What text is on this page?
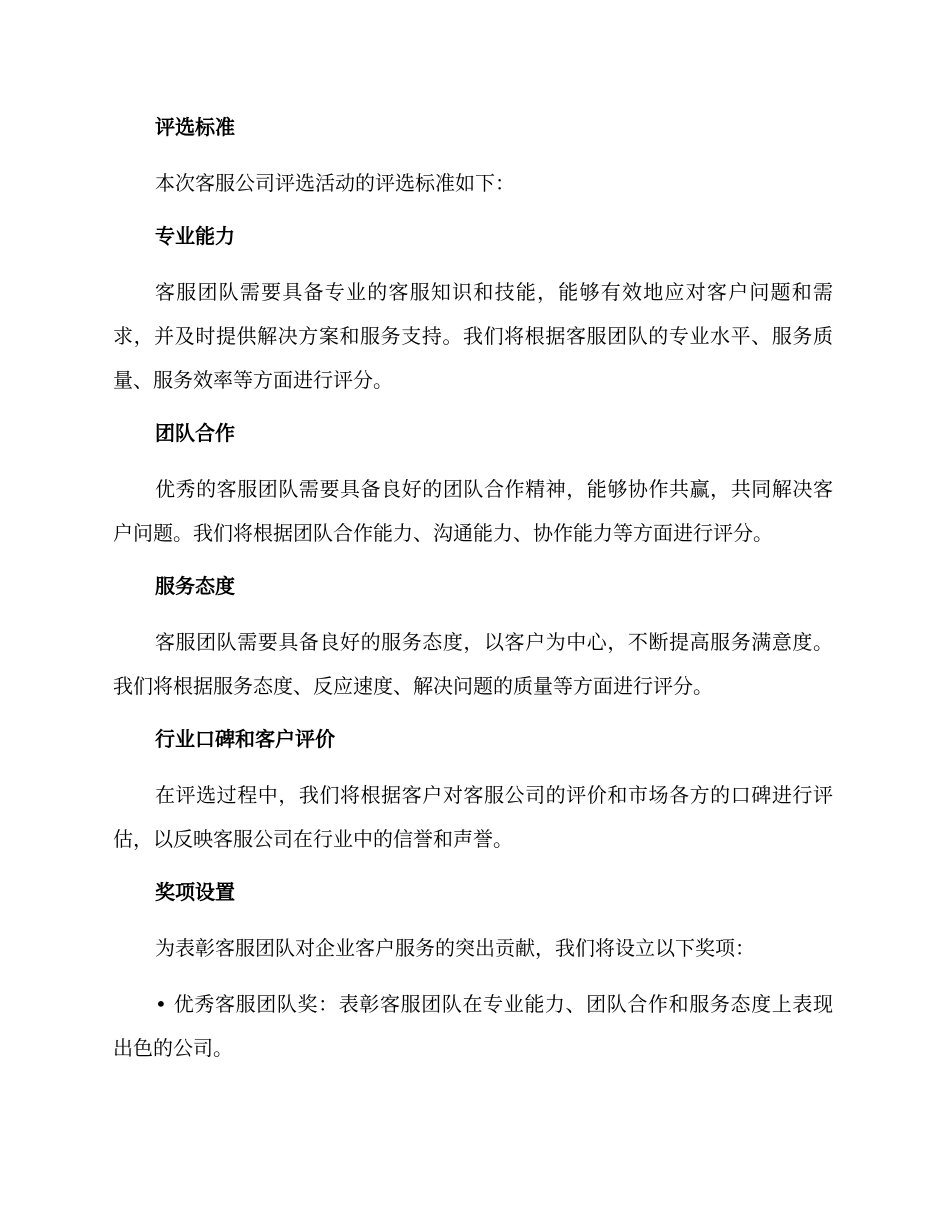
评选标准

本次客服公司评选活动的评选标准如下：

专业能力

客服团队需要具备专业的客服知识和技能，能够有效地应对客户问题和需求，并及时提供解决方案和服务支持。我们将根据客服团队的专业水平、服务质量、服务效率等方面进行评分。

团队合作

优秀的客服团队需要具备良好的团队合作精神，能够协作共赢，共同解决客户问题。我们将根据团队合作能力、沟通能力、协作能力等方面进行评分。

服务态度

客服团队需要具备良好的服务态度，以客户为中心，不断提高服务满意度。我们将根据服务态度、反应速度、解决问题的质量等方面进行评分。

行业口碑和客户评价

在评选过程中，我们将根据客户对客服公司的评价和市场各方的口碑进行评估，以反映客服公司在行业中的信誉和声誉。

奖项设置

为表彰客服团队对企业客户服务的突出贡献，我们将设立以下奖项：

• 优秀客服团队奖：表彰客服团队在专业能力、团队合作和服务态度上表现出色的公司。
